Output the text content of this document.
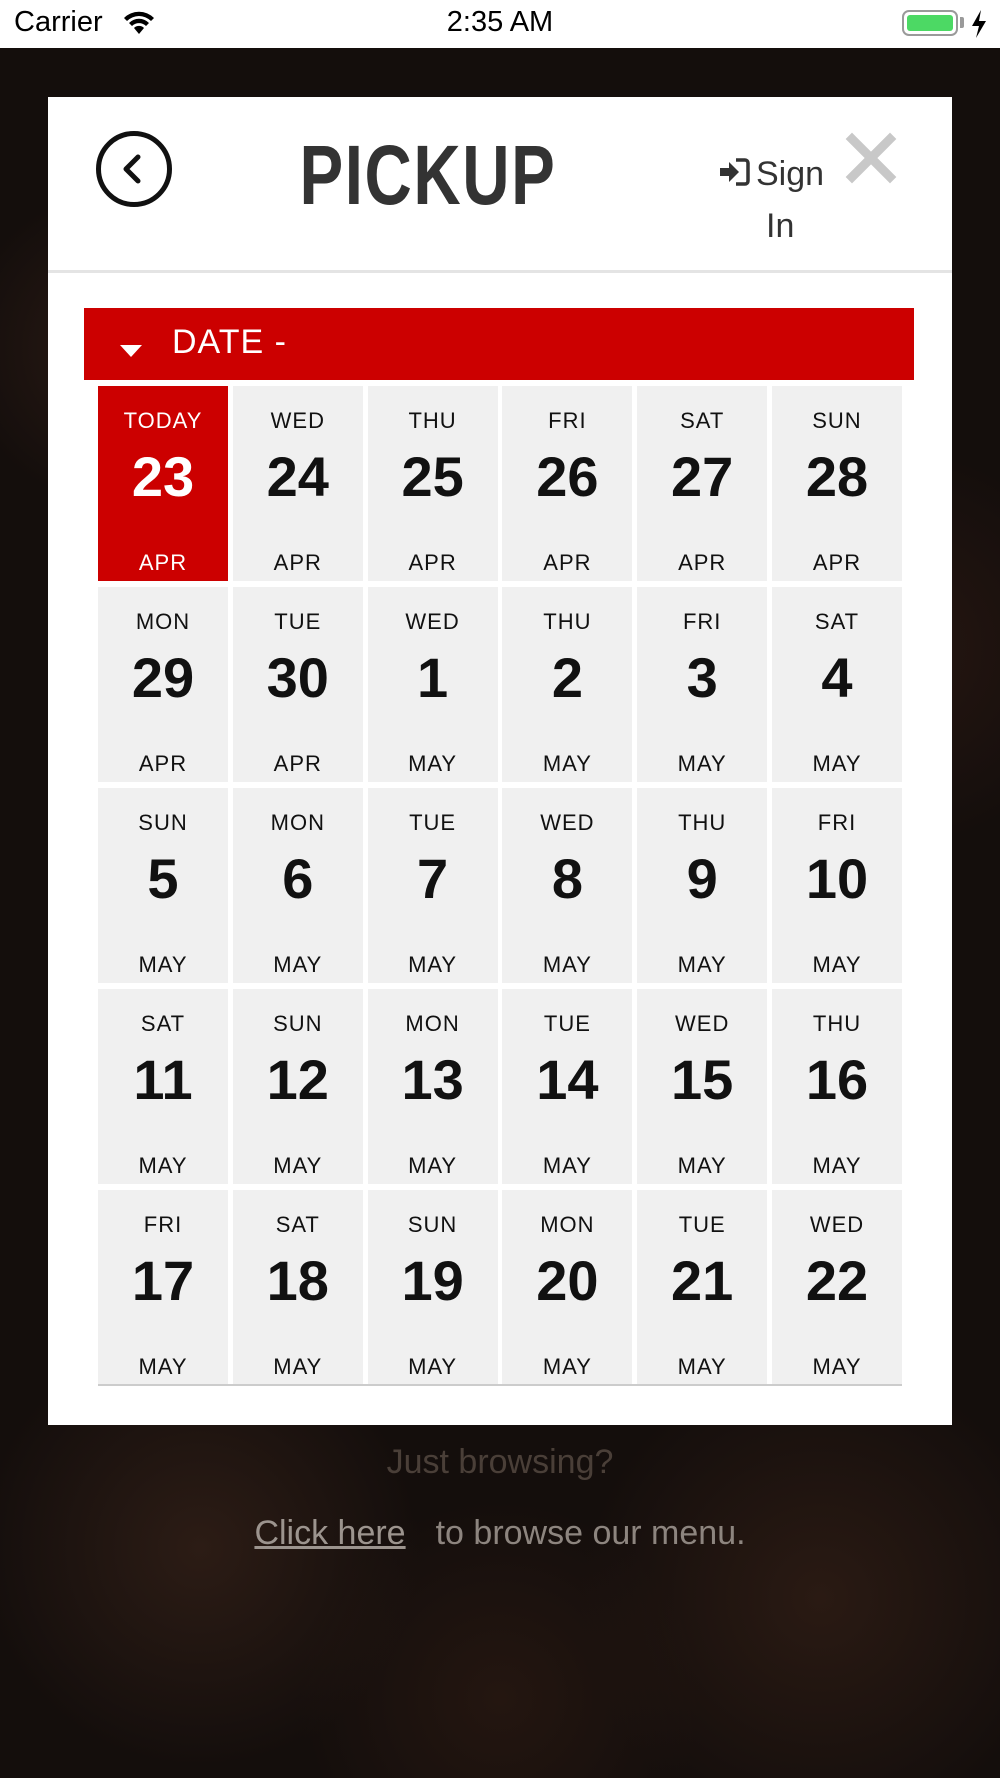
Carrier	2:35 AM
Just browsing?
Click here to browse our menu.
PICKUP	Sign
In
DATE -
TODAY
23
APR
WED
24
APR
THU
25
APR
FRI
26
APR
SAT
27
APR
SUN
28
APR
MON
29
APR
TUE
30
APR
WED
1
MAY
THU
2
MAY
FRI
3
MAY
SAT
4
MAY
SUN
5
MAY
MON
6
MAY
TUE
7
MAY
WED
8
MAY
THU
9
MAY
FRI
10
MAY
SAT
11
MAY
SUN
12
MAY
MON
13
MAY
TUE
14
MAY
WED
15
MAY
THU
16
MAY
FRI
17
MAY
SAT
18
MAY
SUN
19
MAY
MON
20
MAY
TUE
21
MAY
WED
22
MAY
